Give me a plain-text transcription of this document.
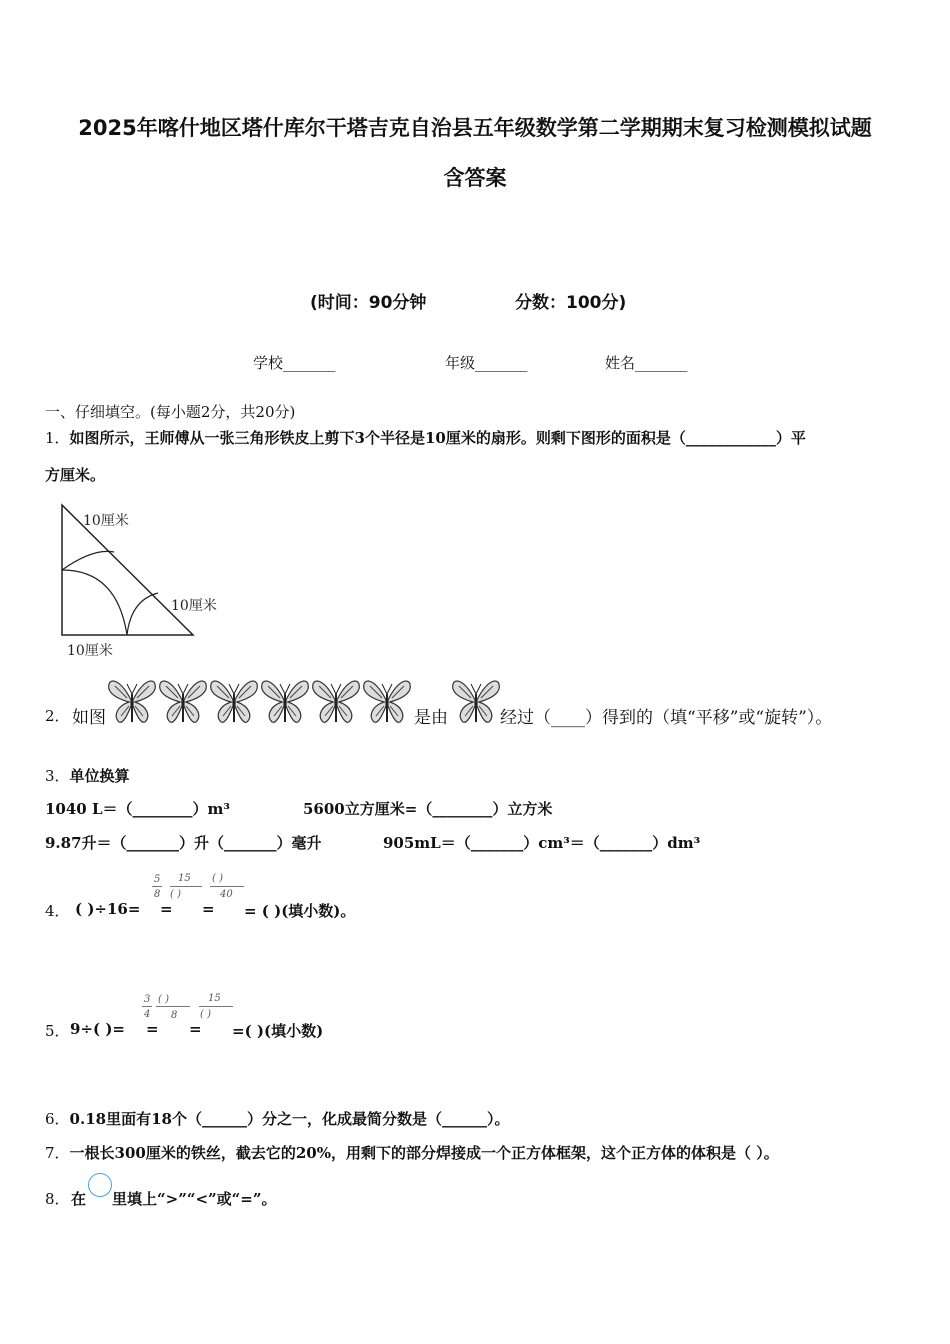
2025年喀什地区塔什库尔干塔吉克自治县五年级数学第二学期期末复习检测模拟试题
含答案
(时间：90分钟	分数：100分)
学校_______	年级_______	姓名_______
一、仔细填空。(每小题2分，共20分)
1．如图所示，王师傅从一张三角形铁皮上剪下3个半径是10厘米的扇形。则剩下图形的面积是（____________）平
方厘米。
10厘米
10厘米
10厘米
2． 如图	是由	经过（____）得到的（填“平移”或“旋转”）。
3．单位换算
1040 L＝（________）m³	5600立方厘米=（________）立方米
9.87升＝（_______）升（_______）毫升	905mL＝（_______）cm³＝（_______）dm³
4． ( )÷16=	= = ( )(填小数)。
5
8
15
( )
( )
40
5． 9÷( )=	= =( )(填小数)
3
4
( )
8
15
( )
6．0.18里面有18个（______）分之一，化成最简分数是（______）。
7．一根长300厘米的铁丝，截去它的20%，用剩下的部分焊接成一个正方体框架，这个正方体的体积是（ ）。
8． 在 里填上“>”“<”或“=”。
=
=
